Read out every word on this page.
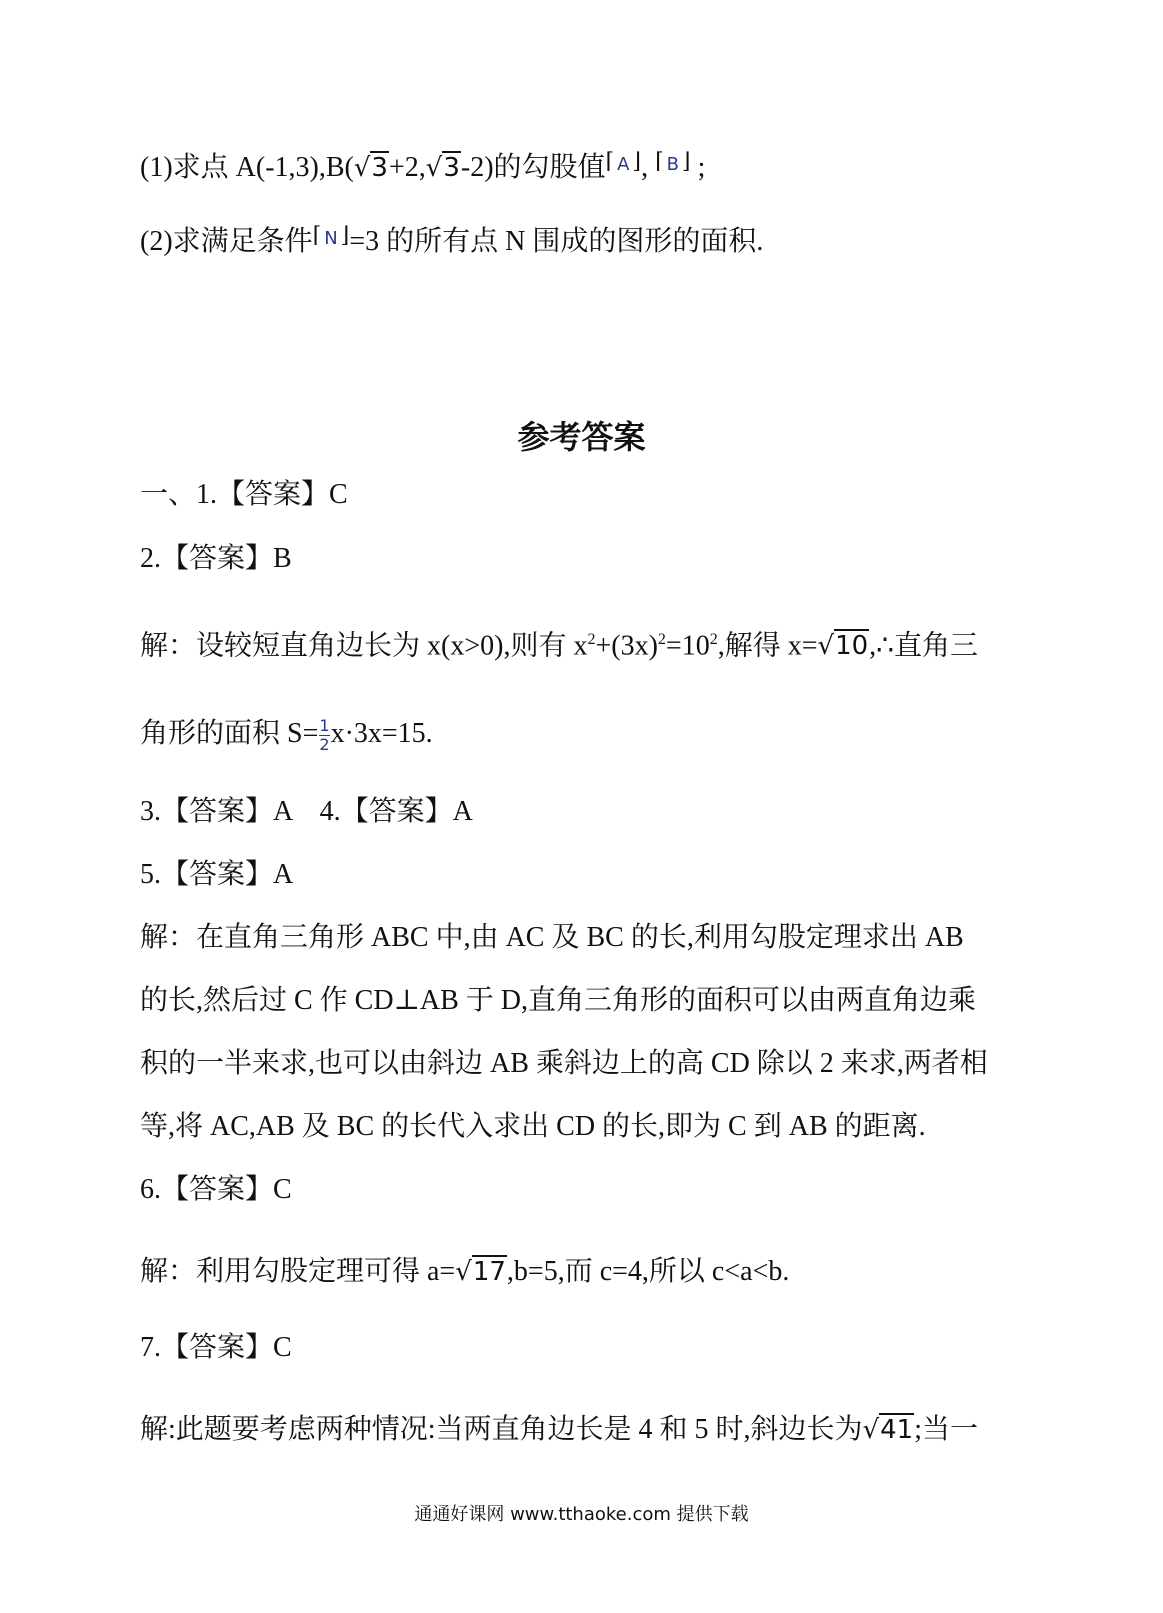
(1)求点 A(-1,3),B(√3+2,√3-2)的勾股值⌈ A ⌋, ⌈ B ⌋ ;
(2)求满足条件⌈ N ⌋=3 的所有点 N 围成的图形的面积.
参考答案
一、1.【答案】C
2.【答案】B
解：设较短直角边长为 x(x>0),则有 $x^2+(3x)^2=10^2$,解得 x=√10,∴直角三
角形的面积 $S= \frac{1}{2} x\cdot 3x=15$.
3.【答案】A　4.【答案】A
5.【答案】A
解：在直角三角形 ABC 中,由 AC 及 BC 的长,利用勾股定理求出 AB
的长,然后过 C 作 CD⊥AB 于 D,直角三角形的面积可以由两直角边乘
积的一半来求,也可以由斜边 AB 乘斜边上的高 CD 除以 2 来求,两者相
等,将 AC,AB 及 BC 的长代入求出 CD 的长,即为 C 到 AB 的距离.
6.【答案】C
解：利用勾股定理可得 a=√17,b=5,而 c=4,所以 c<a<b.
7.【答案】C
解:此题要考虑两种情况:当两直角边长是 4 和 5 时,斜边长为√41;当一
通通好课网 www.tthaoke.com 提供下载
